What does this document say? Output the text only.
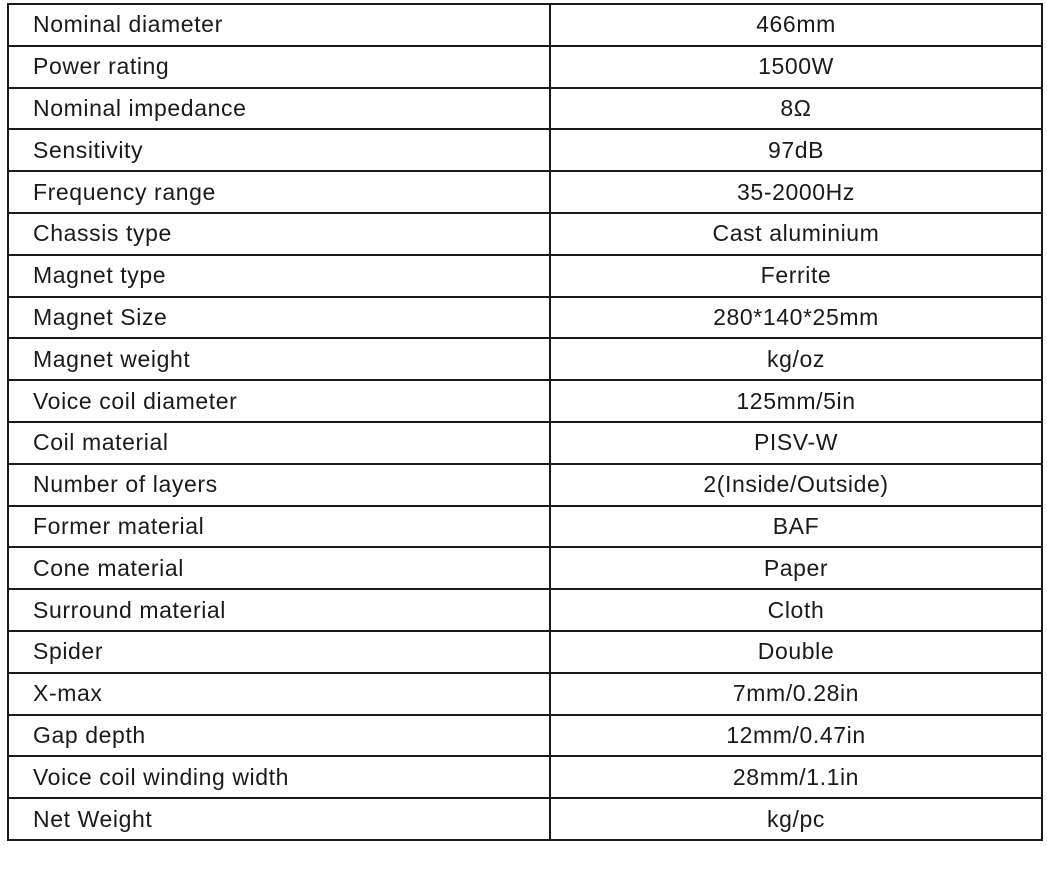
Nominal diameter	466mm
Power rating	1500W
Nominal impedance	8Ω
Sensitivity	97dB
Frequency range	35-2000Hz
Chassis type	Cast aluminium
Magnet type	Ferrite
Magnet Size	280*140*25mm
Magnet weight	kg/oz
Voice coil diameter	125mm/5in
Coil material	PISV-W
Number of layers	2(Inside/Outside)
Former material	BAF
Cone material	Paper
Surround material	Cloth
Spider	Double
X-max	7mm/0.28in
Gap depth	12mm/0.47in
Voice coil winding width	28mm/1.1in
Net Weight	kg/pc
